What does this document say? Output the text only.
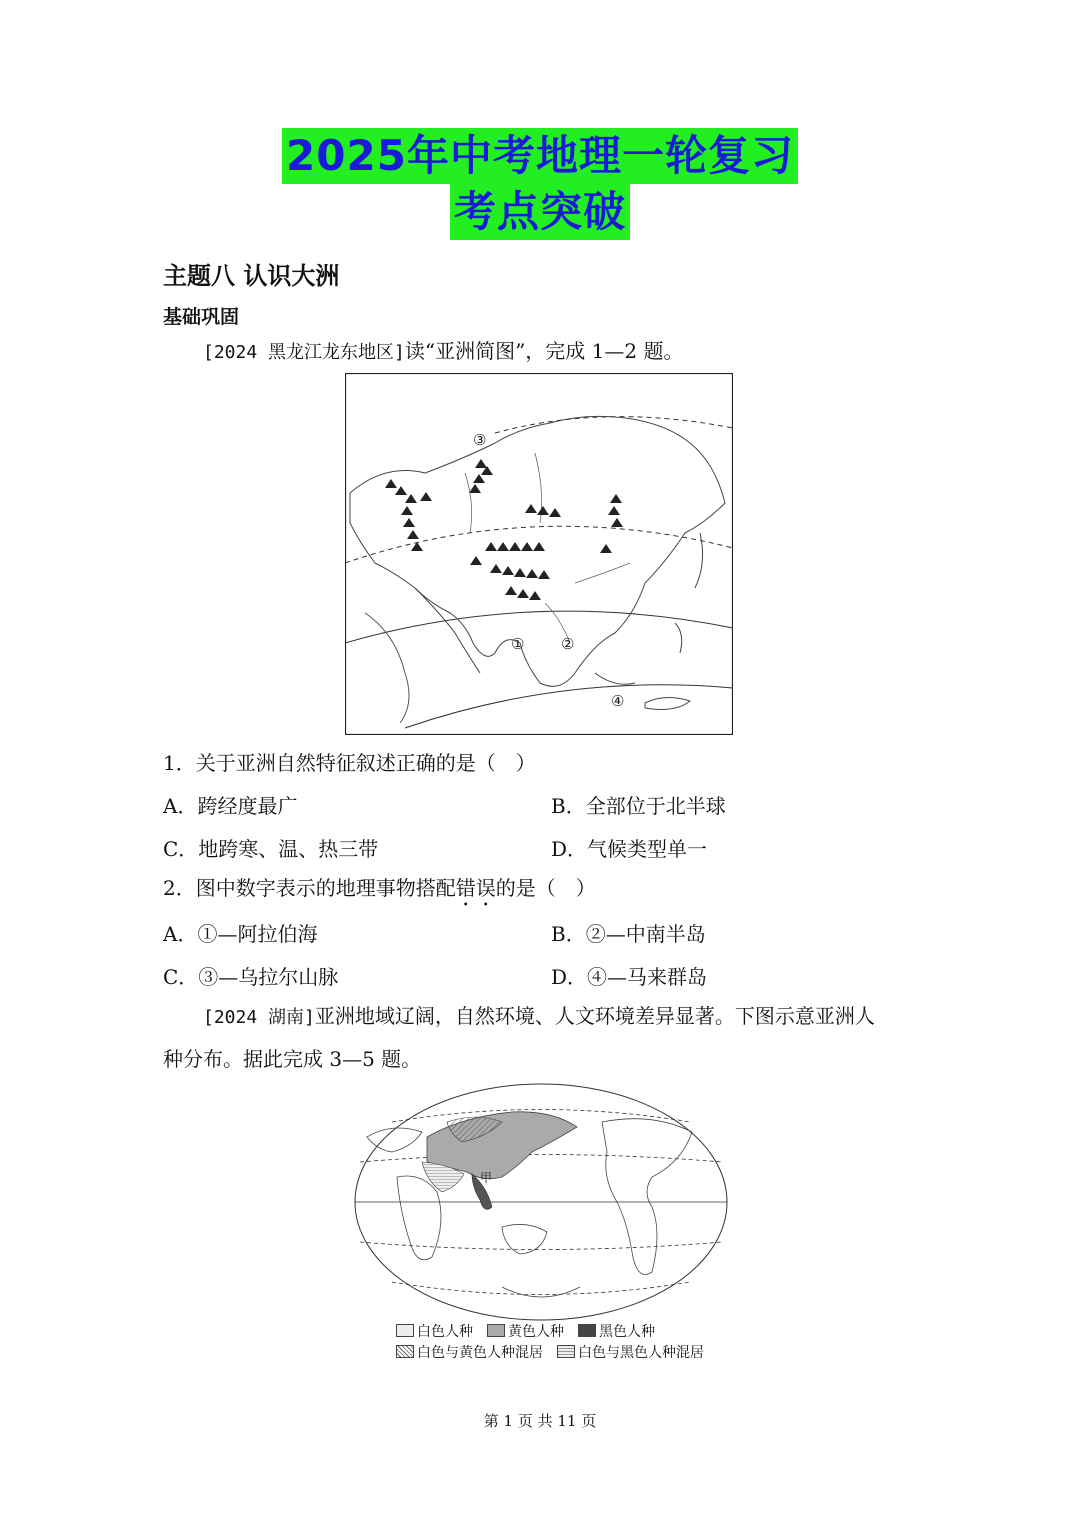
2025年中考地理一轮复习
考点突破
主题八 认识大洲
基础巩固
[2024 黑龙江龙东地区]读“亚洲简图”，完成 1—2 题。
③
① ②
④
1．关于亚洲自然特征叙述正确的是（　）
A．跨经度最广	B．全部位于北半球
C．地跨寒、温、热三带	D．气候类型单一
2．图中数字表示的地理事物搭配错误的是（　）
A．①—阿拉伯海	B．②—中南半岛
C．③—乌拉尔山脉	D．④—马来群岛
[2024 湖南]亚洲地域辽阔，自然环境、人文环境差异显著。下图示意亚洲人
种分布。据此完成 3—5 题。
甲
白色人种	黄色人种	黑色人种
白色与黄色人种混居	白色与黑色人种混居
第 1 页 共 11 页
